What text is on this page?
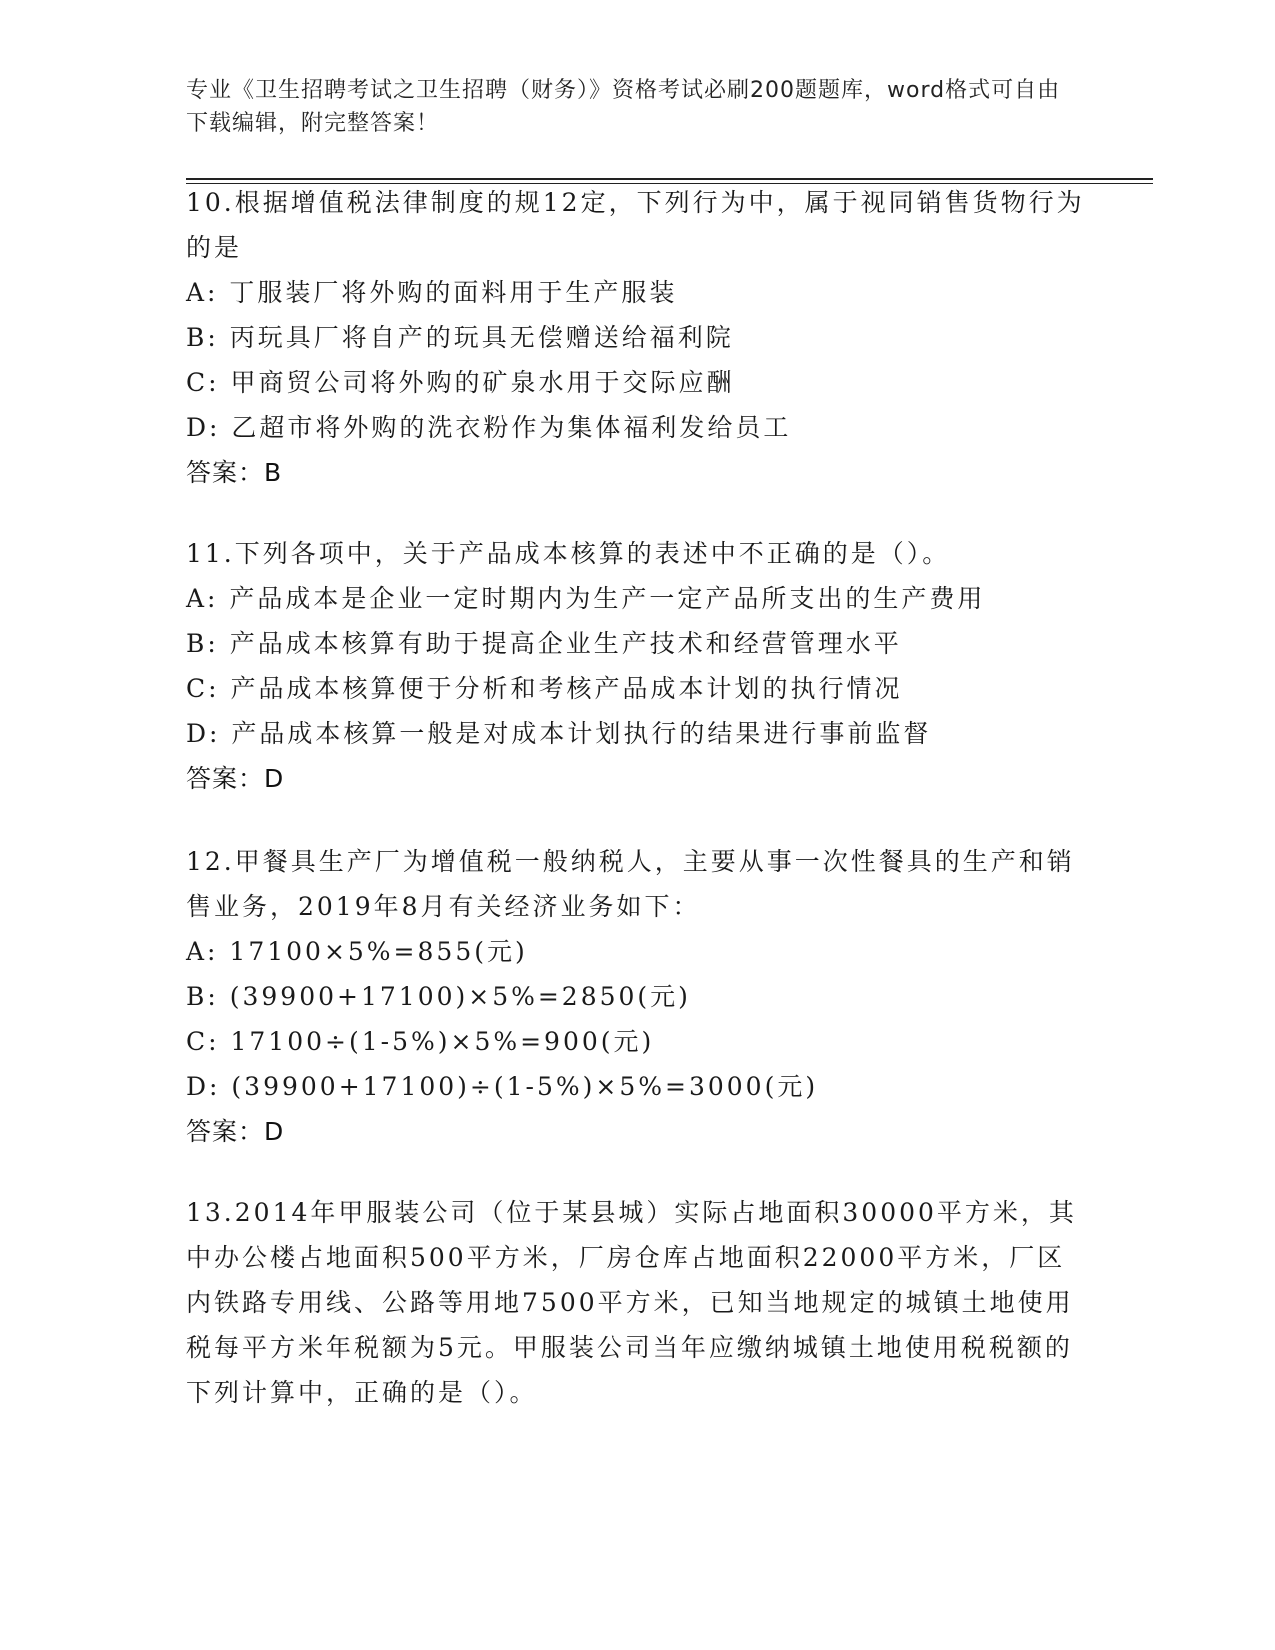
专业《卫生招聘考试之卫生招聘（财务）》资格考试必刷200题题库，word格式可自由下载编辑，附完整答案！

10.根据增值税法律制度的规12定，下列行为中，属于视同销售货物行为的是

A: 丁服装厂将外购的面料用于生产服装

B: 丙玩具厂将自产的玩具无偿赠送给福利院

C: 甲商贸公司将外购的矿泉水用于交际应酬

D: 乙超市将外购的洗衣粉作为集体福利发给员工

答案：B

11.下列各项中，关于产品成本核算的表述中不正确的是（）。

A: 产品成本是企业一定时期内为生产一定产品所支出的生产费用

B: 产品成本核算有助于提高企业生产技术和经营管理水平

C: 产品成本核算便于分析和考核产品成本计划的执行情况

D: 产品成本核算一般是对成本计划执行的结果进行事前监督

答案：D

12.甲餐具生产厂为增值税一般纳税人，主要从事一次性餐具的生产和销售业务，2019年8月有关经济业务如下：

A: 17100×5%=855(元)

B: (39900+17100)×5%=2850(元)

C: 17100÷(1-5%)×5%=900(元)

D: (39900+17100)÷(1-5%)×5%=3000(元)

答案：D

13.2014年甲服装公司（位于某县城）实际占地面积30000平方米，其中办公楼占地面积500平方米，厂房仓库占地面积22000平方米，厂区内铁路专用线、公路等用地7500平方米，已知当地规定的城镇土地使用税每平方米年税额为5元。甲服装公司当年应缴纳城镇土地使用税税额的下列计算中，正确的是（）。
